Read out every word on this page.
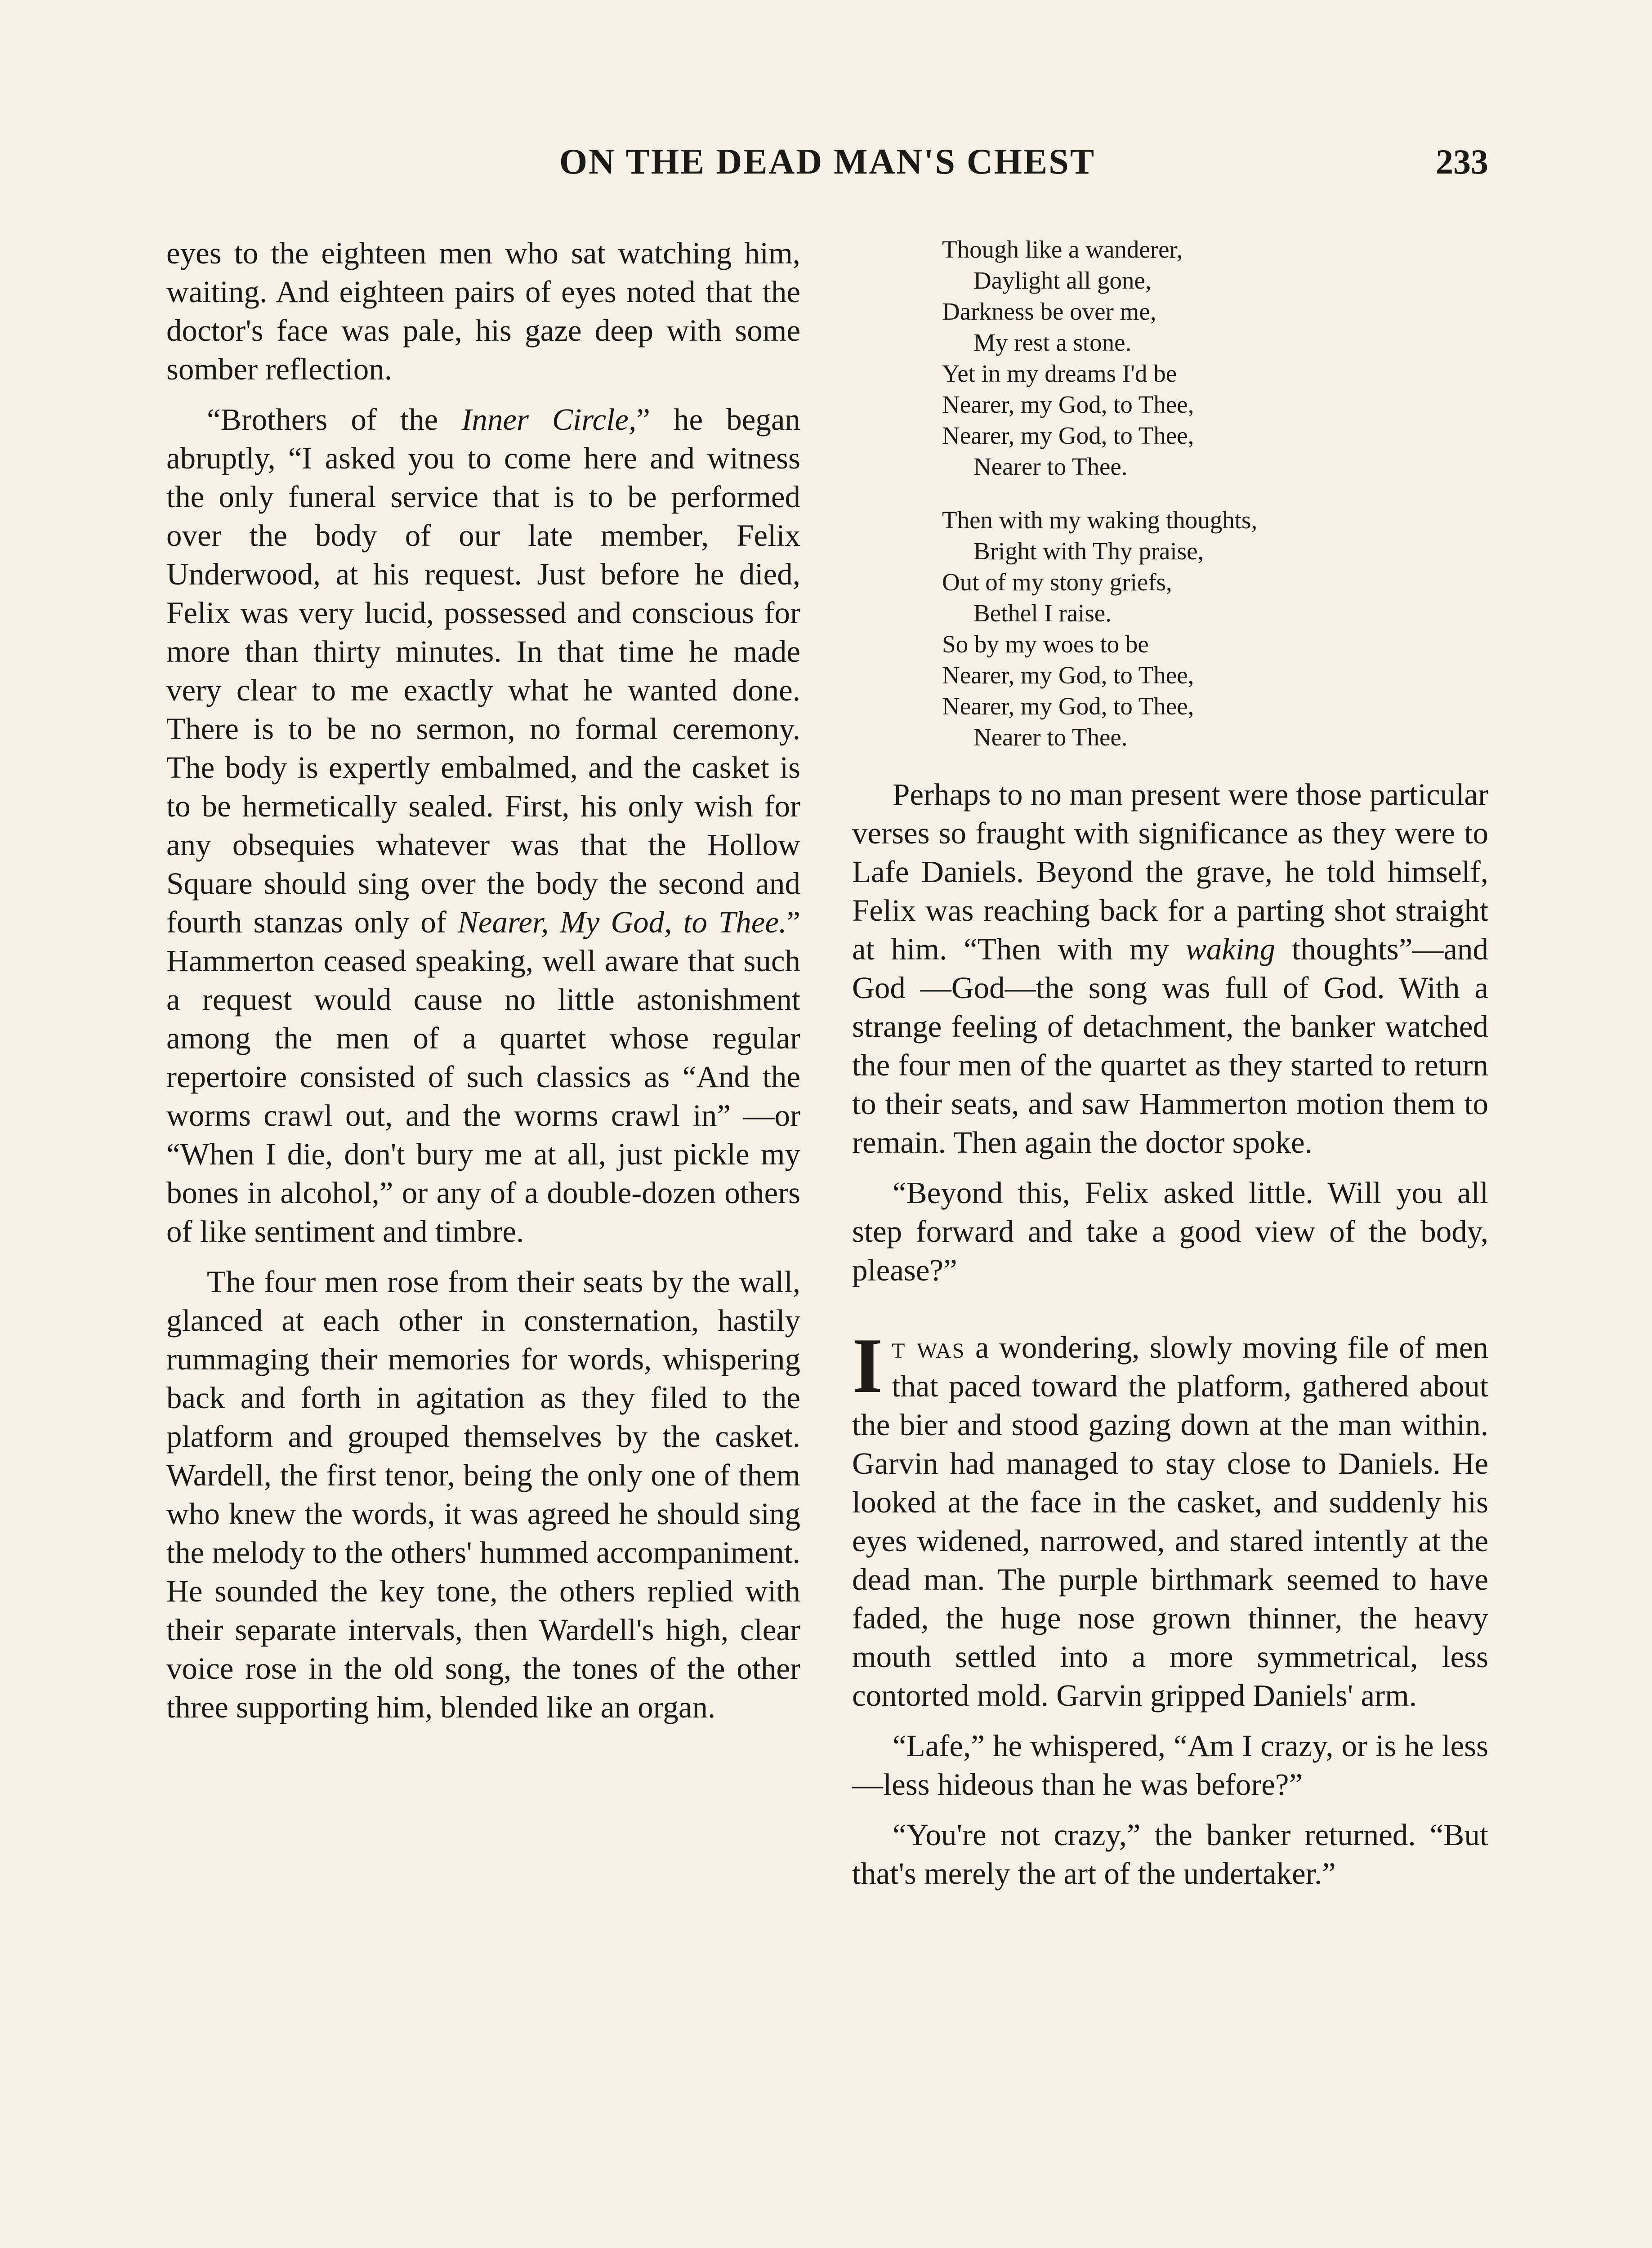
ON THE DEAD MAN'S CHEST	233

eyes to the eighteen men who sat watching him, waiting. And eighteen pairs of eyes noted that the doctor's face was pale, his gaze deep with some somber reflection.

“Brothers of the Inner Circle,” he began abruptly, “I asked you to come here and witness the only funeral service that is to be performed over the body of our late member, Felix Underwood, at his request. Just before he died, Felix was very lucid, possessed and conscious for more than thirty minutes. In that time he made very clear to me exactly what he wanted done. There is to be no sermon, no formal ceremony. The body is expertly embalmed, and the casket is to be hermetically sealed. First, his only wish for any obsequies whatever was that the Hollow Square should sing over the body the second and fourth stanzas only of Nearer, My God, to Thee.” Hammerton ceased speaking, well aware that such a request would cause no little astonishment among the men of a quartet whose regular repertoire consisted of such classics as “And the worms crawl out, and the worms crawl in” —or “When I die, don't bury me at all, just pickle my bones in alcohol,” or any of a double-dozen others of like sentiment and timbre.

The four men rose from their seats by the wall, glanced at each other in consternation, hastily rummaging their memories for words, whispering back and forth in agitation as they filed to the platform and grouped themselves by the casket. Wardell, the first tenor, being the only one of them who knew the words, it was agreed he should sing the melody to the others' hummed accompaniment. He sounded the key tone, the others replied with their separate intervals, then Wardell's high, clear voice rose in the old song, the tones of the other three supporting him, blended like an organ.

Though like a wanderer,
Daylight all gone,
Darkness be over me,
My rest a stone.
Yet in my dreams I'd be
Nearer, my God, to Thee,
Nearer, my God, to Thee,
Nearer to Thee.
Then with my waking thoughts,
Bright with Thy praise,
Out of my stony griefs,
Bethel I raise.
So by my woes to be
Nearer, my God, to Thee,
Nearer, my God, to Thee,
Nearer to Thee.

Perhaps to no man present were those particular verses so fraught with significance as they were to Lafe Daniels. Beyond the grave, he told himself, Felix was reaching back for a parting shot straight at him. “Then with my waking thoughts”—and God —God—the song was full of God. With a strange feeling of detachment, the banker watched the four men of the quartet as they started to return to their seats, and saw Hammerton motion them to remain. Then again the doctor spoke.

“Beyond this, Felix asked little. Will you all step forward and take a good view of the body, please?”

It was a wondering, slowly moving file of men that paced toward the platform, gathered about the bier and stood gazing down at the man within. Garvin had managed to stay close to Daniels. He looked at the face in the casket, and suddenly his eyes widened, narrowed, and stared intently at the dead man. The purple birthmark seemed to have faded, the huge nose grown thinner, the heavy mouth settled into a more symmetrical, less contorted mold. Garvin gripped Daniels' arm.

“Lafe,” he whispered, “Am I crazy, or is he less—less hideous than he was before?”

“You're not crazy,” the banker returned. “But that's merely the art of the undertaker.”
